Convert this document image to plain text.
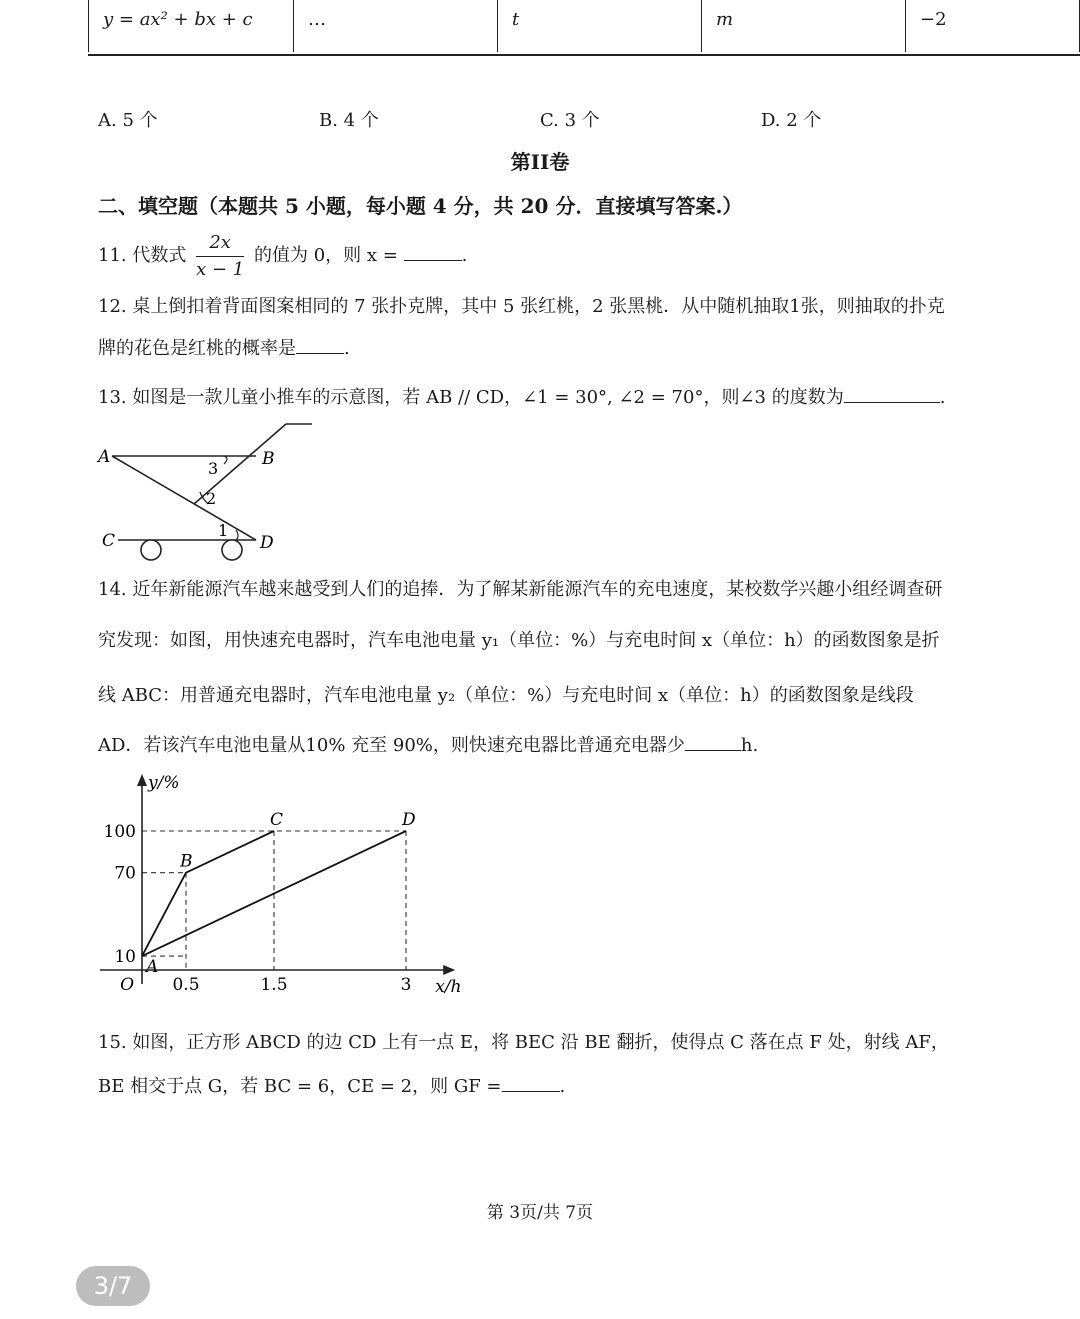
y = ax² + bx + c	…	t	m	−2
A. 5 个	B. 4 个	C. 3 个	D. 2 个
第II卷
二、填空题（本题共 5 小题，每小题 4 分，共 20 分．直接填写答案.）
11. 代数式 $\frac{2x}{x - 1}$ 的值为 0，则 x =	.
12. 桌上倒扣着背面图案相同的 7 张扑克牌，其中 5 张红桃，2 张黑桃．从中随机抽取1张，则抽取的扑克
牌的花色是红桃的概率是	.
13. 如图是一款儿童小推车的示意图，若 AB // CD，∠1 = 30°, ∠2 = 70°，则∠3 的度数为	.
A	B
C	D
3
2
1
14. 近年新能源汽车越来越受到人们的追捧．为了解某新能源汽车的充电速度，某校数学兴趣小组经调查研
究发现：如图，用快速充电器时，汽车电池电量 y₁（单位：%）与充电时间 x（单位：h）的函数图象是折
线 ABC：用普通充电器时，汽车电池电量 y₂（单位：%）与充电时间 x（单位：h）的函数图象是线段
AD．若该汽车电池电量从10% 充至 90%，则快速充电器比普通充电器少	h.
10
70
100
0.5	1.5	3
O
y/%
x/h
A
B
C	D
15. 如图，正方形 ABCD 的边 CD 上有一点 E，将 BEC 沿 BE 翻折，使得点 C 落在点 F 处，射线 AF，
BE 相交于点 G，若 BC = 6，CE = 2，则 GF =	.
第 3页/共 7页
3/7
